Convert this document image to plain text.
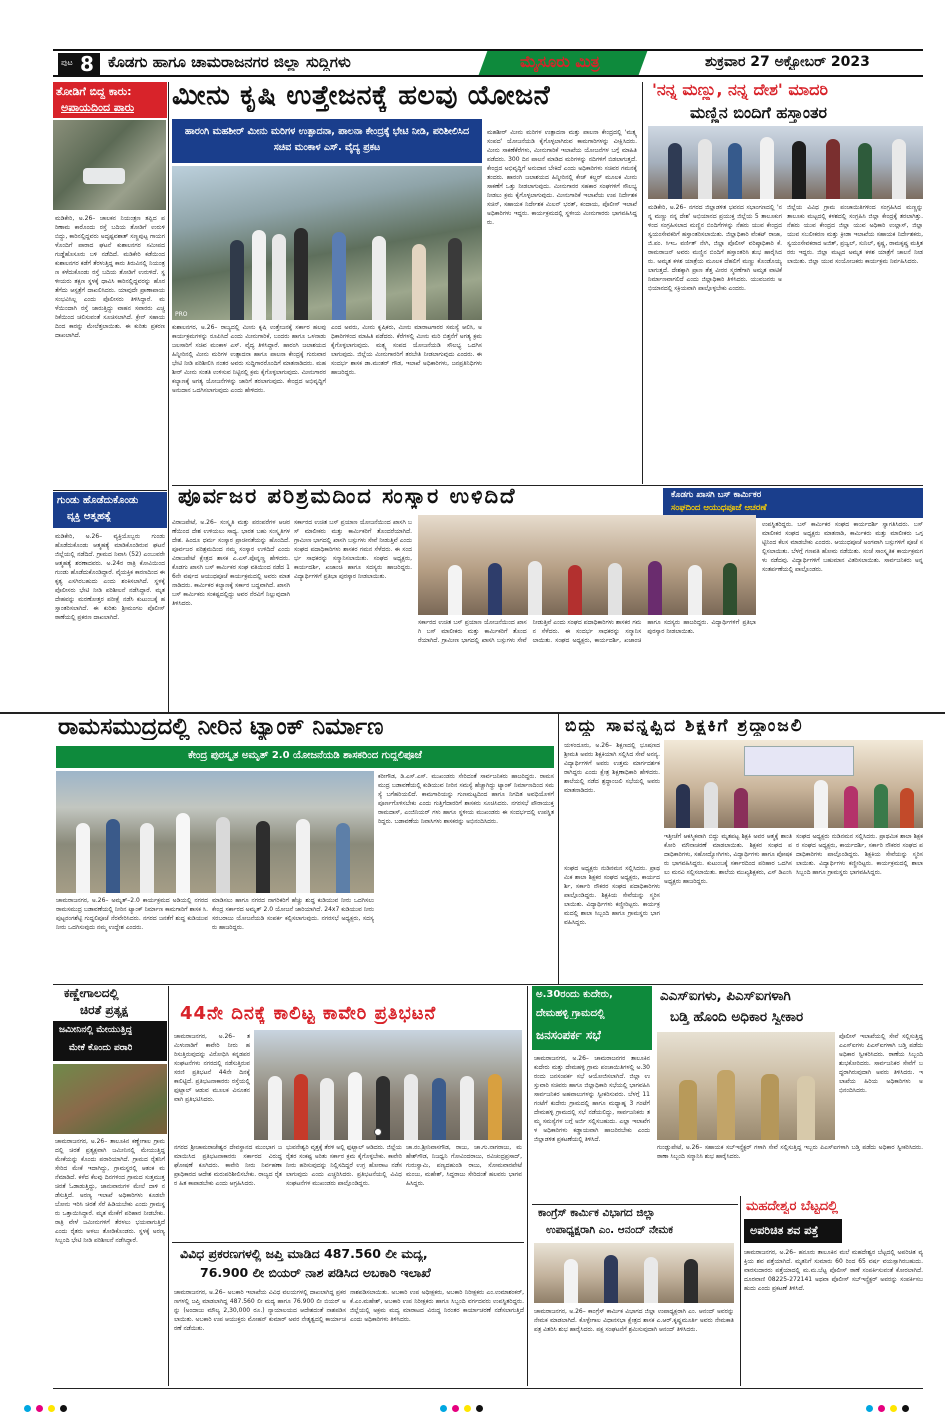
ಪುಟ 8 ಕೊಡಗು ಹಾಗೂ ಚಾಮರಾಜನಗರ ಜಿಲ್ಲಾ ಸುದ್ದಿಗಳು	ಮೈಸೂರು ಮಿತ್ರ	ಶುಕ್ರವಾರ 27 ಅಕ್ಟೋಬರ್ 2023
ತೋಡಿಗೆ ಬಿದ್ದ ಕಾರು:
ಅಪಾಯದಿಂದ ಪಾರು
ಮಡಿಕೇರಿ, ಅ.26– ಚಾಲಕನ ನಿಯಂತ್ರಣ ತಪ್ಪಿದ ಪರಿಣಾಮ ಕಾರೊಂದು ರಸ್ತೆ ಬದಿಯ ತೋಡಿಗೆ ಉರುಳಿ ಬಿದ್ದು, ಕಾರಿನಲ್ಲಿದ್ದವರು ಅದೃಷ್ಟವಶಾತ್ ಸಣ್ಣಪುಟ್ಟ ಗಾಯಗಳೊಂದಿಗೆ ಪಾರಾದ ಘಟನೆ ಕುಶಾಲನಗರ ಸಮೀಪದ ಗುಡ್ಡೆಹೊಸೂರು ಬಳಿ ನಡೆದಿದೆ. ಮಡಿಕೇರಿ ಕಡೆಯಿಂದ ಕುಶಾಲನಗರ ಕಡೆಗೆ ತೆರಳುತ್ತಿದ್ದ ಕಾರು ತಿರುವಿನಲ್ಲಿ ನಿಯಂತ್ರಣ ಕಳೆದುಕೊಂಡು ರಸ್ತೆ ಬದಿಯ ತೋಡಿಗೆ ಉರುಳಿದೆ. ಸ್ಥಳೀಯರು ತಕ್ಷಣ ಸ್ಥಳಕ್ಕೆ ಧಾವಿಸಿ ಕಾರಿನಲ್ಲಿದ್ದವರನ್ನು ಹೊರತೆಗೆದು ಆಸ್ಪತ್ರೆಗೆ ದಾಖಲಿಸಿದರು. ಯಾವುದೇ ಪ್ರಾಣಾಪಾಯ ಸಂಭವಿಸಿಲ್ಲ ಎಂದು ಪೊಲೀಸರು ತಿಳಿಸಿದ್ದಾರೆ. ಮಳೆಯಿಂದಾಗಿ ರಸ್ತೆ ಜಾರುತ್ತಿದ್ದು ವಾಹನ ಸವಾರರು ಎಚ್ಚರಿಕೆಯಿಂದ ಚಲಿಸುವಂತೆ ಸೂಚಿಸಲಾಗಿದೆ. ಕ್ರೇನ್ ಸಹಾಯದಿಂದ ಕಾರನ್ನು ಮೇಲೆತ್ತಲಾಯಿತು. ಈ ಕುರಿತು ಪ್ರಕರಣ ದಾಖಲಾಗಿದೆ.
ಮೀನು ಕೃಷಿ ಉತ್ತೇಜನಕ್ಕೆ ಹಲವು ಯೋಜನೆ
ಹಾರಂಗಿ ಮಹಶೀರ್ ಮೀನು ಮರಿಗಳ ಉತ್ಪಾದನಾ, ಪಾಲನಾ ಕೇಂದ್ರಕ್ಕೆ ಭೇಟಿ ನೀಡಿ, ಪರಿಶೀಲಿಸಿದ ಸಚಿವ ಮಂಕಾಳ ಎಸ್. ವೈದ್ಯ ಪ್ರಕಟ
PRO
ಕುಶಾಲನಗರ, ಅ.26– ರಾಜ್ಯದಲ್ಲಿ ಮೀನು ಕೃಷಿ ಉತ್ತೇಜನಕ್ಕೆ ಸರ್ಕಾರ ಹಲವು ಕಾರ್ಯಕ್ರಮಗಳನ್ನು ರೂಪಿಸಿದೆ ಎಂದು ಮೀನುಗಾರಿಕೆ, ಬಂದರು ಹಾಗೂ ಒಳನಾಡು ಜಲಸಾರಿಗೆ ಸಚಿವ ಮಂಕಾಳ ಎಸ್. ವೈದ್ಯ ತಿಳಿಸಿದ್ದಾರೆ. ಹಾರಂಗಿ ಜಲಾಶಯದ ಹಿನ್ನೀರಿನಲ್ಲಿ ಮೀನು ಮರಿಗಳ ಉತ್ಪಾದನಾ ಹಾಗೂ ಪಾಲನಾ ಕೇಂದ್ರಕ್ಕೆ ಗುರುವಾರ ಭೇಟಿ ನೀಡಿ ಪರಿಶೀಲಿಸಿ ನಂತರ ಅವರು ಸುದ್ದಿಗಾರರೊಂದಿಗೆ ಮಾತನಾಡಿದರು. ಮಹಶೀರ್ ಮೀನು ಸಂತತಿ ಉಳಿಸುವ ನಿಟ್ಟಿನಲ್ಲಿ ಕ್ರಮ ಕೈಗೊಳ್ಳಲಾಗುವುದು. ಮೀನುಗಾರರ ಕಲ್ಯಾಣಕ್ಕೆ ಅಗತ್ಯ ಯೋಜನೆಗಳನ್ನು ಜಾರಿಗೆ ತರಲಾಗುವುದು. ಕೇಂದ್ರದ ಅಭಿವೃದ್ಧಿಗೆ ಅನುದಾನ ಒದಗಿಸಲಾಗುವುದು ಎಂದು ಹೇಳಿದರು.
ಎಂದ ಅವರು, ಮೀನು ಕೃಷಿಕರು, ಮೀನು ಮಾರಾಟಗಾರರ ಸಮಸ್ಯೆ ಆಲಿಸಿ, ಅಧಿಕಾರಿಗಳಿಂದ ಮಾಹಿತಿ ಪಡೆದರು. ಕೆರೆಗಳಲ್ಲಿ ಮೀನು ಮರಿ ಬಿತ್ತನೆಗೆ ಅಗತ್ಯ ಕ್ರಮ ಕೈಗೊಳ್ಳಲಾಗುವುದು. ಮತ್ಸ್ಯ ಸಂಪದ ಯೋಜನೆಯಡಿ ಸೌಲಭ್ಯ ಒದಗಿಸಲಾಗುವುದು. ಜಿಲ್ಲೆಯ ಮೀನುಗಾರರಿಗೆ ತರಬೇತಿ ನೀಡಲಾಗುವುದು ಎಂದರು. ಈ ಸಂದರ್ಭ ಶಾಸಕ ಡಾ.ಮಂತರ್ ಗೌಡ, ಇಲಾಖೆ ಅಧಿಕಾರಿಗಳು, ಜನಪ್ರತಿನಿಧಿಗಳು ಹಾಜರಿದ್ದರು.
ಮಹಶೀರ್ ಮೀನು ಮರಿಗಳ ಉತ್ಪಾದನಾ ಮತ್ತು ಪಾಲನಾ ಕೇಂದ್ರದಲ್ಲಿ 'ಮತ್ಸ್ಯ ಸಂಪದ' ಯೋಜನೆಯಡಿ ಕೈಗೊಳ್ಳಲಾಗಿರುವ ಕಾಮಗಾರಿಗಳನ್ನು ವೀಕ್ಷಿಸಿದರು. ಮೀನು ಸಾಕಣೆಕೆರೆಗಳು, ಮೀನುಗಾರಿಕೆ ಇಲಾಖೆಯ ಯೋಜನೆಗಳ ಬಗ್ಗೆ ಮಾಹಿತಿ ಪಡೆದರು. 300 ದಿನ ಪಾಲನೆ ಮಾಡಿದ ಮರಿಗಳನ್ನು ನದಿಗಳಿಗೆ ಬಿಡಲಾಗುತ್ತದೆ. ಕೇಂದ್ರದ ಅಭಿವೃದ್ಧಿಗೆ ಅನುದಾನ ಬೇಕಿದೆ ಎಂದು ಅಧಿಕಾರಿಗಳು ಸಚಿವರ ಗಮನಕ್ಕೆ ತಂದರು. ಹಾರಂಗಿ ಜಲಾಶಯದ ಹಿನ್ನೀರಿನಲ್ಲಿ ಕೇಜ್ ಕಲ್ಚರ್ ಮೂಲಕ ಮೀನು ಸಾಕಣೆಗೆ ಒತ್ತು ನೀಡಲಾಗುವುದು. ಮೀನುಗಾರರ ಸಹಕಾರ ಸಂಘಗಳಿಗೆ ಸೌಲಭ್ಯ ನೀಡಲು ಕ್ರಮ ಕೈಗೊಳ್ಳಲಾಗುವುದು. ಮೀನುಗಾರಿಕೆ ಇಲಾಖೆಯ ಉಪ ನಿರ್ದೇಶಕ ಸಚಿನ್, ಸಹಾಯಕ ನಿರ್ದೇಶಕ ಮಿಲನ್ ಭರತ್, ಕಂದಾಯ, ಪೊಲೀಸ್ ಇಲಾಖೆ ಅಧಿಕಾರಿಗಳು ಇದ್ದರು. ಕಾರ್ಯಕ್ರಮದಲ್ಲಿ ಸ್ಥಳೀಯ ಮೀನುಗಾರರು ಭಾಗವಹಿಸಿದ್ದರು.
'ನನ್ನ ಮಣ್ಣು, ನನ್ನ ದೇಶ' ಮಾದರಿ
ಮಣ್ಣಿನ ಬಿಂದಿಗೆ ಹಸ್ತಾಂತರ
ಮಡಿಕೇರಿ, ಅ.26– ನಗರದ ಜಿಲ್ಲಾಡಳಿತ ಭವನದ ಸಭಾಂಗಣದಲ್ಲಿ 'ನನ್ನ ಮಣ್ಣು ನನ್ನ ದೇಶ' ಅಭಿಯಾನದ ಪ್ರಯುಕ್ತ ಜಿಲ್ಲೆಯ 5 ತಾಲೂಕುಗಳಿಂದ ಸಂಗ್ರಹಿಸಲಾದ ಮಣ್ಣಿನ ಬಿಂದಿಗೆಗಳನ್ನು ನೆಹರು ಯುವ ಕೇಂದ್ರದ ಸ್ವಯಂಸೇವಕರಿಗೆ ಹಸ್ತಾಂತರಿಸಲಾಯಿತು. ಜಿಲ್ಲಾಧಿಕಾರಿ ವೆಂಕಟ್ ರಾಜಾ, ಜಿ.ಪಂ. ಸಿಇಒ ವರ್ಣಿತ್ ನೇಗಿ, ಜಿಲ್ಲಾ ಪೊಲೀಸ್ ವರಿಷ್ಠಾಧಿಕಾರಿ ಕೆ.ರಾಮರಾಜನ್ ಅವರು ಮಣ್ಣಿನ ಬಿಂದಿಗೆ ಹಸ್ತಾಂತರಿಸಿ ಶುಭ ಹಾರೈಸಿದರು. ಅಮೃತ ಕಳಶ ಯಾತ್ರೆಯ ಮೂಲಕ ದೆಹಲಿಗೆ ಮಣ್ಣು ಕೊಂಡೊಯ್ಯಲಾಗುತ್ತದೆ. ದೇಶಕ್ಕಾಗಿ ಪ್ರಾಣ ತೆತ್ತ ವೀರರ ಸ್ಮರಣೆಗಾಗಿ ಅಮೃತ ವಾಟಿಕೆ ನಿರ್ಮಾಣವಾಗಲಿದೆ ಎಂದು ಜಿಲ್ಲಾಧಿಕಾರಿ ತಿಳಿಸಿದರು. ಯುವಜನರು ಅಭಿಯಾನದಲ್ಲಿ ಸಕ್ರಿಯವಾಗಿ ಪಾಲ್ಗೊಳ್ಳಬೇಕು ಎಂದರು.
ಜಿಲ್ಲೆಯ ವಿವಿಧ ಗ್ರಾಮ ಪಂಚಾಯಿತಿಗಳಿಂದ ಸಂಗ್ರಹಿಸಿದ ಮಣ್ಣನ್ನು ತಾಲೂಕು ಮಟ್ಟದಲ್ಲಿ ಕಳಶದಲ್ಲಿ ಸಂಗ್ರಹಿಸಿ ಜಿಲ್ಲಾ ಕೇಂದ್ರಕ್ಕೆ ತರಲಾಗಿತ್ತು. ನೆಹರು ಯುವ ಕೇಂದ್ರದ ಜಿಲ್ಲಾ ಯುವ ಅಧಿಕಾರಿ ಉಲ್ಲಾಸ್, ಜಿಲ್ಲಾ ಯುವ ಸಬಲೀಕರಣ ಮತ್ತು ಕ್ರೀಡಾ ಇಲಾಖೆಯ ಸಹಾಯಕ ನಿರ್ದೇಶಕರು, ಸ್ವಯಂಸೇವಕರಾದ ಅಜಿತ್, ಪ್ರಜ್ವಲ್, ಸುನಿಲ್, ಕೃಷ್ಣ, ರಾಮಕೃಷ್ಣ ಮತ್ತಿತರರು ಇದ್ದರು. ಜಿಲ್ಲಾ ಮಟ್ಟದ ಅಮೃತ ಕಳಶ ಯಾತ್ರೆಗೆ ಚಾಲನೆ ನೀಡಲಾಯಿತು. ಜಿಲ್ಲಾ ಯುವ ಸಂಯೋಜಕರು ಕಾರ್ಯಕ್ರಮ ನಿರ್ವಹಿಸಿದರು.
ಗುಂಡು ಹೊಡೆದುಕೊಂಡು
ವ್ಯಕ್ತಿ ಆತ್ಮಹತ್ಯೆ
ಮಡಿಕೇರಿ, ಅ.26– ವ್ಯಕ್ತಿಯೊಬ್ಬರು ಗುಂಡು ಹೊಡೆದುಕೊಂಡು ಆತ್ಮಹತ್ಯೆ ಮಾಡಿಕೊಂಡಿರುವ ಘಟನೆ ಜಿಲ್ಲೆಯಲ್ಲಿ ನಡೆದಿದೆ. ಗ್ರಾಮದ ನಿವಾಸಿ (52) ಎಂಬುವರೇ ಆತ್ಮಹತ್ಯೆ ಶರಣಾದವರು. ಅ.24ರ ರಾತ್ರಿ ಕೋವಿಯಿಂದ ಗುಂಡು ಹೊಡೆದುಕೊಂಡಿದ್ದಾರೆ. ವೈಯಕ್ತಿಕ ಕಾರಣದಿಂದ ಈ ಕೃತ್ಯ ಎಸಗಿರಬಹುದು ಎಂದು ಶಂಕಿಸಲಾಗಿದೆ. ಸ್ಥಳಕ್ಕೆ ಪೊಲೀಸರು ಭೇಟಿ ನೀಡಿ ಪರಿಶೀಲನೆ ನಡೆಸಿದ್ದಾರೆ. ಮೃತದೇಹವನ್ನು ಮರಣೋತ್ತರ ಪರೀಕ್ಷೆ ನಡೆಸಿ ಕುಟುಂಬಕ್ಕೆ ಹಸ್ತಾಂತರಿಸಲಾಗಿದೆ. ಈ ಕುರಿತು ಶ್ರೀಮಂಗಲ ಪೊಲೀಸ್ ಠಾಣೆಯಲ್ಲಿ ಪ್ರಕರಣ ದಾಖಲಾಗಿದೆ.
ಪೂರ್ವಜರ ಪರಿಶ್ರಮದಿಂದ ಸಂಸ್ಕಾರ ಉಳಿದಿದೆ	ಕೊಡಗು ಖಾಸಗಿ ಬಸ್ ಕಾರ್ಮಿಕರ
ಸಂಘದಿಂದ ಆಯುಧಪೂಜೆ ಆಚರಣೆ
ವಿರಾಜಪೇಟೆ, ಅ.26– ಸಂಸ್ಕೃತಿ ಮತ್ತು ಪರಂಪರೆಗಳ ಆಚರಣೆಯಿಂದ ದೇಶ ಉಳಿಯಲು ಸಾಧ್ಯ. ಭಾರತ ಬಹು ಸಂಸ್ಕೃತಿಗಳ ದೇಶ. ಹಿಂದೂ ಧರ್ಮ ಸಂಸ್ಕಾರ ಪ್ರಾಚೀನತೆಯನ್ನು ಹೊಂದಿದೆ. ಪೂರ್ವಜರ ಪರಿಶ್ರಮದಿಂದ ನಮ್ಮ ಸಂಸ್ಕಾರ ಉಳಿದಿದೆ ಎಂದು ವಿರಾಜಪೇಟೆ ಕ್ಷೇತ್ರದ ಶಾಸಕ ಎ.ಎಸ್.ಪೊನ್ನಣ್ಣ ಹೇಳಿದರು. ಕೊಡಗು ಖಾಸಗಿ ಬಸ್ ಕಾರ್ಮಿಕರ ಸಂಘ ವತಿಯಿಂದ ನಡೆದ 16ನೇ ವರ್ಷದ ಆಯುಧಪೂಜೆ ಕಾರ್ಯಕ್ರಮದಲ್ಲಿ ಅವರು ಮಾತನಾಡಿದರು. ಕಾರ್ಮಿಕರ ಕಲ್ಯಾಣಕ್ಕೆ ಸರ್ಕಾರ ಬದ್ಧವಾಗಿದೆ. ಖಾಸಗಿ ಬಸ್ ಕಾರ್ಮಿಕರು ಸಂಕಷ್ಟದಲ್ಲಿದ್ದು ಅವರ ನೆರವಿಗೆ ನಿಲ್ಲುವುದಾಗಿ ತಿಳಿಸಿದರು.
ಸರ್ಕಾರದ ಉಚಿತ ಬಸ್ ಪ್ರಯಾಣ ಯೋಜನೆಯಿಂದ ಖಾಸಗಿ ಬಸ್ ಮಾಲೀಕರು ಮತ್ತು ಕಾರ್ಮಿಕರಿಗೆ ತೊಂದರೆಯಾಗಿದೆ. ಗ್ರಾಮೀಣ ಭಾಗದಲ್ಲಿ ಖಾಸಗಿ ಬಸ್ಸುಗಳು ಸೇವೆ ನೀಡುತ್ತಿವೆ ಎಂದು ಸಂಘದ ಪದಾಧಿಕಾರಿಗಳು ಶಾಸಕರ ಗಮನ ಸೆಳೆದರು. ಈ ಸಂದರ್ಭ ಸಾಧಕರನ್ನು ಸನ್ಮಾನಿಸಲಾಯಿತು. ಸಂಘದ ಅಧ್ಯಕ್ಷರು, ಕಾರ್ಯದರ್ಶಿ, ಖಜಾಂಚಿ ಹಾಗೂ ಸದಸ್ಯರು ಹಾಜರಿದ್ದರು. ವಿದ್ಯಾರ್ಥಿಗಳಿಗೆ ಪ್ರತಿಭಾ ಪುರಸ್ಕಾರ ನೀಡಲಾಯಿತು.
ಸರ್ಕಾರದ ಉಚಿತ ಬಸ್ ಪ್ರಯಾಣ ಯೋಜನೆಯಿಂದ ಖಾಸಗಿ ಬಸ್ ಮಾಲೀಕರು ಮತ್ತು ಕಾರ್ಮಿಕರಿಗೆ ತೊಂದರೆಯಾಗಿದೆ. ಗ್ರಾಮೀಣ ಭಾಗದಲ್ಲಿ ಖಾಸಗಿ ಬಸ್ಸುಗಳು ಸೇವೆ ನೀಡುತ್ತಿವೆ ಎಂದು ಸಂಘದ ಪದಾಧಿಕಾರಿಗಳು ಶಾಸಕರ ಗಮನ ಸೆಳೆದರು. ಈ ಸಂದರ್ಭ ಸಾಧಕರನ್ನು ಸನ್ಮಾನಿಸಲಾಯಿತು. ಸಂಘದ ಅಧ್ಯಕ್ಷರು, ಕಾರ್ಯದರ್ಶಿ, ಖಜಾಂಚಿ ಹಾಗೂ ಸದಸ್ಯರು ಹಾಜರಿದ್ದರು. ವಿದ್ಯಾರ್ಥಿಗಳಿಗೆ ಪ್ರತಿಭಾ ಪುರಸ್ಕಾರ ನೀಡಲಾಯಿತು.
ಉಪಸ್ಥಿತರಿದ್ದರು. ಬಸ್ ಕಾರ್ಮಿಕರ ಸಂಘದ ಕಾರ್ಯದರ್ಶಿ ಸ್ವಾಗತಿಸಿದರು. ಬಸ್ ಮಾಲೀಕರ ಸಂಘದ ಅಧ್ಯಕ್ಷರು ಮಾತನಾಡಿ, ಕಾರ್ಮಿಕರು ಮತ್ತು ಮಾಲೀಕರು ಒಗ್ಗಟ್ಟಿನಿಂದ ಕೆಲಸ ಮಾಡಬೇಕು ಎಂದರು. ಆಯುಧಪೂಜೆ ಅಂಗವಾಗಿ ಬಸ್ಸುಗಳಿಗೆ ಪೂಜೆ ಸಲ್ಲಿಸಲಾಯಿತು. ಬೆಳಗ್ಗೆ ಗಣಪತಿ ಹೋಮ ನಡೆಯಿತು. ಸಂಜೆ ಸಾಂಸ್ಕೃತಿಕ ಕಾರ್ಯಕ್ರಮಗಳು ನಡೆದವು. ವಿದ್ಯಾರ್ಥಿಗಳಿಗೆ ಬಹುಮಾನ ವಿತರಿಸಲಾಯಿತು. ಸಾರ್ವಜನಿಕರು ಅನ್ನಸಂತರ್ಪಣೆಯಲ್ಲಿ ಪಾಲ್ಗೊಂಡರು.
ರಾಮಸಮುದ್ರದಲ್ಲಿ ನೀರಿನ ಟ್ಯಾಂಕ್ ನಿರ್ಮಾಣ
ಕೇಂದ್ರ ಪುರಸ್ಕೃತ ಅಮೃತ್ 2.0 ಯೋಜನೆಯಡಿ ಶಾಸಕರಿಂದ ಗುದ್ದಲಿಪೂಜೆ
ಚಾಮರಾಜನಗರ, ಅ.26– ಅಮೃತ್–2.0 ಕಾರ್ಯಕ್ರಮದ ಅಡಿಯಲ್ಲಿ ನಗರದ ರಾಮಸಮುದ್ರ ಬಡಾವಣೆಯಲ್ಲಿ ನೀರಿನ ಟ್ಯಾಂಕ್ ನಿರ್ಮಾಣ ಕಾಮಗಾರಿಗೆ ಶಾಸಕ ಸಿ.ಪುಟ್ಟರಂಗಶೆಟ್ಟಿ ಗುದ್ದಲಿಪೂಜೆ ನೆರವೇರಿಸಿದರು. ನಗರದ ಜನತೆಗೆ ಶುದ್ಧ ಕುಡಿಯುವ ನೀರು ಒದಗಿಸುವುದು ನಮ್ಮ ಉದ್ದೇಶ ಎಂದರು.
ಮಾಡಿಸಲು ಹಾಗೂ ನಗರದ ನಾಗರಿಕರಿಗೆ ಹೆಚ್ಚು ಶುದ್ಧ ಕುಡಿಯುವ ನೀರು ಒದಗಿಸಲು ಕೇಂದ್ರ ಸರ್ಕಾರದ ಅಮೃತ್ 2.0 ಯೋಜನೆ ಜಾರಿಯಾಗಿದೆ. 24x7 ಕುಡಿಯುವ ನೀರು ಸರಬರಾಜು ಯೋಜನೆಯಡಿ ಸಂಪರ್ಕ ಕಲ್ಪಿಸಲಾಗುವುದು. ನಗರಸಭೆ ಅಧ್ಯಕ್ಷರು, ಸದಸ್ಯರು ಹಾಜರಿದ್ದರು.
ಕರೀಗೌಡ, ಡಿ.ಎಸ್.ಎಸ್. ಮುಖಂಡರು ಸೇರಿದಂತೆ ಸಾರ್ವಜನಿಕರು ಹಾಜರಿದ್ದರು. ರಾಮಸಮುದ್ರ ಬಡಾವಣೆಯಲ್ಲಿ ಕುಡಿಯುವ ನೀರಿನ ಸಮಸ್ಯೆ ಹೆಚ್ಚಾಗಿದ್ದು ಟ್ಯಾಂಕ್ ನಿರ್ಮಾಣದಿಂದ ಸಮಸ್ಯೆ ಬಗೆಹರಿಯಲಿದೆ. ಕಾಮಗಾರಿಯನ್ನು ಗುಣಮಟ್ಟದಿಂದ ಹಾಗೂ ನಿಗದಿತ ಅವಧಿಯೊಳಗೆ ಪೂರ್ಣಗೊಳಿಸಬೇಕು ಎಂದು ಗುತ್ತಿಗೆದಾರರಿಗೆ ಶಾಸಕರು ಸೂಚಿಸಿದರು. ನಗರಸಭೆ ಪೌರಾಯುಕ್ತ ರಾಮದಾಸ್, ಎಂಜಿನಿಯರ್ ಗಳು ಹಾಗೂ ಸ್ಥಳೀಯ ಮುಖಂಡರು ಈ ಸಂದರ್ಭದಲ್ಲಿ ಉಪಸ್ಥಿತರಿದ್ದರು. ಬಡಾವಣೆಯ ನಿವಾಸಿಗಳು ಶಾಸಕರನ್ನು ಅಭಿನಂದಿಸಿದರು.
ಬಿದ್ದು ಸಾವನ್ನಪ್ಪಿದ ಶಿಕ್ಷಕಿಗೆ ಶ್ರದ್ಧಾಂಜಲಿ
ಯಳಂದೂರು, ಅ.26– ಶಿಕ್ಷಣದಲ್ಲಿ ಭೂಷಣದ ಶ್ರೀಮತಿ ಅವರು ಶಿಕ್ಷಕಿಯಾಗಿ ಸಲ್ಲಿಸಿದ ಸೇವೆ ಅನನ್ಯ. ವಿದ್ಯಾರ್ಥಿಗಳಿಗೆ ಅವರು ಉತ್ತಮ ಮಾರ್ಗದರ್ಶಕರಾಗಿದ್ದರು ಎಂದು ಕ್ಷೇತ್ರ ಶಿಕ್ಷಣಾಧಿಕಾರಿ ಹೇಳಿದರು. ಶಾಲೆಯಲ್ಲಿ ನಡೆದ ಶ್ರದ್ಧಾಂಜಲಿ ಸಭೆಯಲ್ಲಿ ಅವರು ಮಾತನಾಡಿದರು.
ಇತ್ತೀಚೆಗೆ ಆಕಸ್ಮಿಕವಾಗಿ ಬಿದ್ದು ಮೃತಪಟ್ಟ ಶಿಕ್ಷಕಿ ಅವರ ಆತ್ಮಕ್ಕೆ ಶಾಂತಿ ಕೋರಿ ಮೌನಾಚರಣೆ ಮಾಡಲಾಯಿತು. ಶಿಕ್ಷಕರ ಸಂಘದ ಪದಾಧಿಕಾರಿಗಳು, ಸಹೋದ್ಯೋಗಿಗಳು, ವಿದ್ಯಾರ್ಥಿಗಳು ಹಾಗೂ ಪೋಷಕರು ಭಾಗವಹಿಸಿದ್ದರು. ಕುಟುಂಬಕ್ಕೆ ಸರ್ಕಾರದಿಂದ ಪರಿಹಾರ ಒದಗಿಸಲು ಮನವಿ ಸಲ್ಲಿಸಲಾಯಿತು. ಶಾಲೆಯ ಮುಖ್ಯಶಿಕ್ಷಕರು, ಎಸ್ ಡಿಎಂಸಿ ಅಧ್ಯಕ್ಷರು ಹಾಜರಿದ್ದರು.
ಸಂಘದ ಅಧ್ಯಕ್ಷರು ನುಡಿನಮನ ಸಲ್ಲಿಸಿದರು. ಪ್ರಾಥಮಿಕ ಶಾಲಾ ಶಿಕ್ಷಕರ ಸಂಘದ ಅಧ್ಯಕ್ಷರು, ಕಾರ್ಯದರ್ಶಿ, ಸರ್ಕಾರಿ ನೌಕರರ ಸಂಘದ ಪದಾಧಿಕಾರಿಗಳು ಪಾಲ್ಗೊಂಡಿದ್ದರು. ಶಿಕ್ಷಕಿಯ ಸೇವೆಯನ್ನು ಸ್ಮರಿಸಲಾಯಿತು. ವಿದ್ಯಾರ್ಥಿಗಳು ಕಣ್ಣೀರಿಟ್ಟರು. ಕಾರ್ಯಕ್ರಮದಲ್ಲಿ ಶಾಲಾ ಸಿಬ್ಬಂದಿ ಹಾಗೂ ಗ್ರಾಮಸ್ಥರು ಭಾಗವಹಿಸಿದ್ದರು.
ಸಂಘದ ಅಧ್ಯಕ್ಷರು ನುಡಿನಮನ ಸಲ್ಲಿಸಿದರು. ಪ್ರಾಥಮಿಕ ಶಾಲಾ ಶಿಕ್ಷಕರ ಸಂಘದ ಅಧ್ಯಕ್ಷರು, ಕಾರ್ಯದರ್ಶಿ, ಸರ್ಕಾರಿ ನೌಕರರ ಸಂಘದ ಪದಾಧಿಕಾರಿಗಳು ಪಾಲ್ಗೊಂಡಿದ್ದರು. ಶಿಕ್ಷಕಿಯ ಸೇವೆಯನ್ನು ಸ್ಮರಿಸಲಾಯಿತು. ವಿದ್ಯಾರ್ಥಿಗಳು ಕಣ್ಣೀರಿಟ್ಟರು. ಕಾರ್ಯಕ್ರಮದಲ್ಲಿ ಶಾಲಾ ಸಿಬ್ಬಂದಿ ಹಾಗೂ ಗ್ರಾಮಸ್ಥರು ಭಾಗವಹಿಸಿದ್ದರು.
ಕಣ್ಣೇಗಾಲದಲ್ಲಿ
ಚಿರತೆ ಪ್ರತ್ಯಕ್ಷ
ಜಮೀನಿನಲ್ಲಿ ಮೇಯುತ್ತಿದ್ದ
ಮೇಕೆ ಕೊಂದು ಪರಾರಿ
ಚಾಮರಾಜನಗರ, ಅ.26– ತಾಲೂಕಿನ ಕಣ್ಣೇಗಾಲ ಗ್ರಾಮದಲ್ಲಿ ಚಿರತೆ ಪ್ರತ್ಯಕ್ಷವಾಗಿ ಜಮೀನಿನಲ್ಲಿ ಮೇಯುತ್ತಿದ್ದ ಮೇಕೆಯನ್ನು ಕೊಂದು ಪರಾರಿಯಾಗಿದೆ. ಗ್ರಾಮದ ರೈತನಿಗೆ ಸೇರಿದ ಮೇಕೆ ಇದಾಗಿದ್ದು, ಗ್ರಾಮಸ್ಥರಲ್ಲಿ ಆತಂಕ ಮನೆಮಾಡಿದೆ. ಕಳೆದ ಕೆಲವು ದಿನಗಳಿಂದ ಗ್ರಾಮದ ಸುತ್ತಮುತ್ತ ಚಿರತೆ ಓಡಾಡುತ್ತಿದ್ದು, ಜಾನುವಾರುಗಳ ಮೇಲೆ ದಾಳಿ ನಡೆಸುತ್ತಿದೆ. ಅರಣ್ಯ ಇಲಾಖೆ ಅಧಿಕಾರಿಗಳು ಕೂಡಲೇ ಬೋನು ಇರಿಸಿ ಚಿರತೆ ಸೆರೆ ಹಿಡಿಯಬೇಕು ಎಂದು ಗ್ರಾಮಸ್ಥರು ಒತ್ತಾಯಿಸಿದ್ದಾರೆ. ಮೃತ ಮೇಕೆಗೆ ಪರಿಹಾರ ನೀಡಬೇಕು. ರಾತ್ರಿ ವೇಳೆ ಜಮೀನುಗಳಿಗೆ ತೆರಳಲು ಭಯವಾಗುತ್ತಿದೆ ಎಂದು ರೈತರು ಅಳಲು ತೋಡಿಕೊಂಡರು. ಸ್ಥಳಕ್ಕೆ ಅರಣ್ಯ ಸಿಬ್ಬಂದಿ ಭೇಟಿ ನೀಡಿ ಪರಿಶೀಲನೆ ನಡೆಸಿದ್ದಾರೆ.
44ನೇ ದಿನಕ್ಕೆ ಕಾಲಿಟ್ಟ ಕಾವೇರಿ ಪ್ರತಿಭಟನೆ
ಚಾಮರಾಜನಗರ, ಅ.26– ತಮಿಳುನಾಡಿಗೆ ಕಾವೇರಿ ನೀರು ಹರಿಸುತ್ತಿರುವುದನ್ನು ವಿರೋಧಿಸಿ ಕನ್ನಡಪರ ಸಂಘಟನೆಗಳು ನಗರದಲ್ಲಿ ನಡೆಸುತ್ತಿರುವ ಸರಣಿ ಪ್ರತಿಭಟನೆ 44ನೇ ದಿನಕ್ಕೆ ಕಾಲಿಟ್ಟಿದೆ. ಪ್ರತಿಭಟನಾಕಾರರು ರಸ್ತೆಯಲ್ಲಿ ಫುಟ್ಬಾಲ್ ಆಡುವ ಮೂಲಕ ವಿನೂತನವಾಗಿ ಪ್ರತಿಭಟಿಸಿದರು.
ನಗರದ ಶ್ರೀಚಾಮರಾಜೇಶ್ವರ ದೇವಸ್ಥಾನದ ಮುಂಭಾಗ ಜಮಾಯಿಸಿದ ಪ್ರತಿಭಟನಾಕಾರರು ಸರ್ಕಾರದ ವಿರುದ್ಧ ಘೋಷಣೆ ಕೂಗಿದರು. ಕಾವೇರಿ ನೀರು ನಿರ್ವಹಣಾ ಪ್ರಾಧಿಕಾರದ ಆದೇಶ ಮರುಪರಿಶೀಲಿಸಬೇಕು. ರಾಜ್ಯದ ರೈತರ ಹಿತ ಕಾಪಾಡಬೇಕು ಎಂದು ಆಗ್ರಹಿಸಿದರು.
ಭುವನೇಶ್ವರಿ ವೃತ್ತಕ್ಕೆ ತೆರಳಿ ಅಲ್ಲಿ ಫುಟ್ಬಾಲ್ ಆಡಿದರು. ಜಿಲ್ಲೆಯ ರೈತರ ಸಂಕಷ್ಟ ಅರಿತು ಸರ್ಕಾರ ಕ್ರಮ ಕೈಗೊಳ್ಳಬೇಕು. ಕಾವೇರಿ ನೀರು ಹರಿಸುವುದನ್ನು ನಿಲ್ಲಿಸದಿದ್ದರೆ ಉಗ್ರ ಹೋರಾಟ ನಡೆಸಲಾಗುವುದು ಎಂದು ಎಚ್ಚರಿಸಿದರು. ಪ್ರತಿಭಟನೆಯಲ್ಲಿ ವಿವಿಧ ಸಂಘಟನೆಗಳ ಮುಖಂಡರು ಪಾಲ್ಗೊಂಡಿದ್ದರು.
ಚಾ.ರಂ.ಶ್ರೀನಿವಾಸಗೌಡ, ರಾಜು, ಚಾ.ಗು.ನಾಗರಾಜು, ಮಹೇಶ್‌ಗೌಡ, ನಿಜಧ್ವನಿ ಗೋವಿಂದರಾಜು, ರವಿಚಂದ್ರಪ್ರಸಾದ್, ಗುರುಸ್ವಾಮಿ, ಪಣ್ಯದಹುಂಡಿ ರಾಜು, ಸೋಮವಾರಪೇಟೆ ಮಂಜು, ಮಹೇಶ್, ಸಿದ್ದರಾಜು ಸೇರಿದಂತೆ ಹಲವರು ಭಾಗವಹಿಸಿದ್ದರು.
ವಿವಿಧ ಪ್ರಕರಣಗಳಲ್ಲಿ ಜಪ್ತಿ ಮಾಡಿದ 487.560 ಲೀ ಮದ್ಯ,
76.900 ಲೀ ಬಿಯರ್ ನಾಶ ಪಡಿಸಿದ ಅಬಕಾರಿ ಇಲಾಖೆ
ಚಾಮರಾಜನಗರ, ಅ.26– ಅಬಕಾರಿ ಇಲಾಖೆಯ ವಿವಿಧ ವಲಯಗಳಲ್ಲಿ ದಾಖಲಾಗಿದ್ದ ಪ್ರಕರಣಗಳಲ್ಲಿ ಜಪ್ತಿ ಮಾಡಲಾಗಿದ್ದ 487.560 ಲೀ ಮದ್ಯ ಹಾಗೂ 76.900 ಲೀ ಬಿಯರ್ ಅನ್ನು (ಅಂದಾಜು ಮೌಲ್ಯ 2,30,000 ರೂ.) ನ್ಯಾಯಾಲಯದ ಆದೇಶದಂತೆ ನಾಶಪಡಿಸಲಾಯಿತು. ಅಬಕಾರಿ ಉಪ ಆಯುಕ್ತರು ಮೋಹನ್ ಕುಮಾರ್ ಅವರ ನೇತೃತ್ವದಲ್ಲಿ ಕಾರ್ಯಾಚರಣೆ ನಡೆಯಿತು.
ನಾಶಪಡಿಸಲಾಯಿತು. ಅಬಕಾರಿ ಉಪ ಅಧೀಕ್ಷಕರು, ಅಬಕಾರಿ ನಿರೀಕ್ಷಕರು ಎಂ.ಉಮಾಶಂಕರ್, ಕೆ.ಎಂ.ಮಹೇಶ್, ಅಬಕಾರಿ ಉಪ ನಿರೀಕ್ಷಕರು ಹಾಗೂ ಸಿಬ್ಬಂದಿ ವರ್ಗದವರು ಉಪಸ್ಥಿತರಿದ್ದರು. ಜಿಲ್ಲೆಯಲ್ಲಿ ಅಕ್ರಮ ಮದ್ಯ ಮಾರಾಟದ ವಿರುದ್ಧ ನಿರಂತರ ಕಾರ್ಯಾಚರಣೆ ನಡೆಸಲಾಗುತ್ತಿದೆ ಎಂದು ಅಧಿಕಾರಿಗಳು ತಿಳಿಸಿದರು.
ಅ.30ರಂದು ಕುದೇರು,
ದೇಮಹಳ್ಳಿ ಗ್ರಾಮದಲ್ಲಿ
ಜನಸಂಪರ್ಕ ಸಭೆ
ಚಾಮರಾಜನಗರ, ಅ.26– ಚಾಮರಾಜನಗರ ತಾಲೂಕಿನ ಕುದೇರು ಮತ್ತು ದೇಮಹಳ್ಳಿ ಗ್ರಾಮ ಪಂಚಾಯಿತಿಗಳಲ್ಲಿ ಅ.30ರಂದು ಜನಸಂಪರ್ಕ ಸಭೆ ಆಯೋಜಿಸಲಾಗಿದೆ. ಜಿಲ್ಲಾ ಉಸ್ತುವಾರಿ ಸಚಿವರು ಹಾಗೂ ಜಿಲ್ಲಾಧಿಕಾರಿ ಸಭೆಯಲ್ಲಿ ಭಾಗವಹಿಸಿ ಸಾರ್ವಜನಿಕರ ಅಹವಾಲುಗಳನ್ನು ಸ್ವೀಕರಿಸುವರು. ಬೆಳಗ್ಗೆ 11 ಗಂಟೆಗೆ ಕುದೇರು ಗ್ರಾಮದಲ್ಲಿ ಹಾಗೂ ಮಧ್ಯಾಹ್ನ 3 ಗಂಟೆಗೆ ದೇಮಹಳ್ಳಿ ಗ್ರಾಮದಲ್ಲಿ ಸಭೆ ನಡೆಯಲಿದ್ದು, ಸಾರ್ವಜನಿಕರು ತಮ್ಮ ಸಮಸ್ಯೆಗಳ ಬಗ್ಗೆ ಅರ್ಜಿ ಸಲ್ಲಿಸಬಹುದು. ಎಲ್ಲಾ ಇಲಾಖೆಗಳ ಅಧಿಕಾರಿಗಳು ಕಡ್ಡಾಯವಾಗಿ ಹಾಜರಿರಬೇಕು ಎಂದು ಜಿಲ್ಲಾಡಳಿತ ಪ್ರಕಟಣೆಯಲ್ಲಿ ತಿಳಿಸಿದೆ.
ಎಎಸ್ಐಗಳು, ಪಿಎಸ್ಐಗಳಾಗಿ
ಬಡ್ತಿ ಹೊಂದಿ ಅಧಿಕಾರ ಸ್ವೀಕಾರ
ಪೊಲೀಸ್ ಇಲಾಖೆಯಲ್ಲಿ ಸೇವೆ ಸಲ್ಲಿಸುತ್ತಿದ್ದ ಎಎಸ್ಐಗಳು ಪಿಎಸ್ಐಗಳಾಗಿ ಬಡ್ತಿ ಪಡೆದು ಅಧಿಕಾರ ಸ್ವೀಕರಿಸಿದರು. ಠಾಣೆಯ ಸಿಬ್ಬಂದಿ ಶುಭಕೋರಿದರು. ಸಾರ್ವಜನಿಕರ ಸೇವೆಗೆ ಬದ್ಧರಾಗಿರುವುದಾಗಿ ಅವರು ತಿಳಿಸಿದರು. ಇಲಾಖೆಯ ಹಿರಿಯ ಅಧಿಕಾರಿಗಳು ಅಭಿನಂದಿಸಿದರು.
ಗುಂಡ್ಲುಪೇಟೆ, ಅ.26– ಸಹಾಯಕ ಸಬ್ಇನ್ಸ್ಪೆಕ್ಟರ್ ಗಳಾಗಿ ಸೇವೆ ಸಲ್ಲಿಸುತ್ತಿದ್ದ ಇಬ್ಬರು ಪಿಎಸ್ಐಗಳಾಗಿ ಬಡ್ತಿ ಪಡೆದು ಅಧಿಕಾರ ಸ್ವೀಕರಿಸಿದರು. ಠಾಣಾ ಸಿಬ್ಬಂದಿ ಸನ್ಮಾನಿಸಿ ಶುಭ ಹಾರೈಸಿದರು.
ಕಾಂಗ್ರೆಸ್ ಕಾರ್ಮಿಕ ವಿಭಾಗದ ಜಿಲ್ಲಾ
ಉಪಾಧ್ಯಕ್ಷರಾಗಿ ಎಂ. ಆನಂದ್ ನೇಮಕ
ಚಾಮರಾಜನಗರ, ಅ.26– ಕಾಂಗ್ರೆಸ್ ಕಾರ್ಮಿಕ ವಿಭಾಗದ ಜಿಲ್ಲಾ ಉಪಾಧ್ಯಕ್ಷರಾಗಿ ಎಂ. ಆನಂದ್ ಅವರನ್ನು ನೇಮಕ ಮಾಡಲಾಗಿದೆ. ಕೊಳ್ಳೇಗಾಲ ವಿಧಾನಸಭಾ ಕ್ಷೇತ್ರದ ಶಾಸಕ ಎ.ಆರ್.ಕೃಷ್ಣಮೂರ್ತಿ ಅವರು ನೇಮಕಾತಿ ಪತ್ರ ವಿತರಿಸಿ ಶುಭ ಹಾರೈಸಿದರು. ಪಕ್ಷ ಸಂಘಟನೆಗೆ ಶ್ರಮಿಸುವುದಾಗಿ ಆನಂದ್ ತಿಳಿಸಿದರು.
ಮಹದೇಶ್ವರ ಬೆಟ್ಟದಲ್ಲಿ
ಅಪರಿಚಿತ ಶವ ಪತ್ತೆ
ಚಾಮರಾಜನಗರ, ಅ.26– ಹನೂರು ತಾಲೂಕಿನ ಮಲೆ ಮಹದೇಶ್ವರ ಬೆಟ್ಟದಲ್ಲಿ ಅಪರಿಚಿತ ವ್ಯಕ್ತಿಯ ಶವ ಪತ್ತೆಯಾಗಿದೆ. ಮೃತನಿಗೆ ಸುಮಾರು 60 ರಿಂದ 65 ವರ್ಷ ವಯಸ್ಸಾಗಿರಬಹುದು. ವಾರಸುದಾರರು ಪತ್ತೆಯಾದಲ್ಲಿ ಮ.ಮ.ಬೆಟ್ಟ ಪೊಲೀಸ್ ಠಾಣೆ ಸಂಪರ್ಕಿಸುವಂತೆ ಕೋರಲಾಗಿದೆ. ದೂರವಾಣಿ 08225-272141 ಅಥವಾ ಪೊಲೀಸ್ ಸಬ್ಇನ್ಸ್ಪೆಕ್ಟರ್ ಅವರನ್ನು ಸಂಪರ್ಕಿಸಬಹುದು ಎಂದು ಪ್ರಕಟಣೆ ತಿಳಿಸಿದೆ.
